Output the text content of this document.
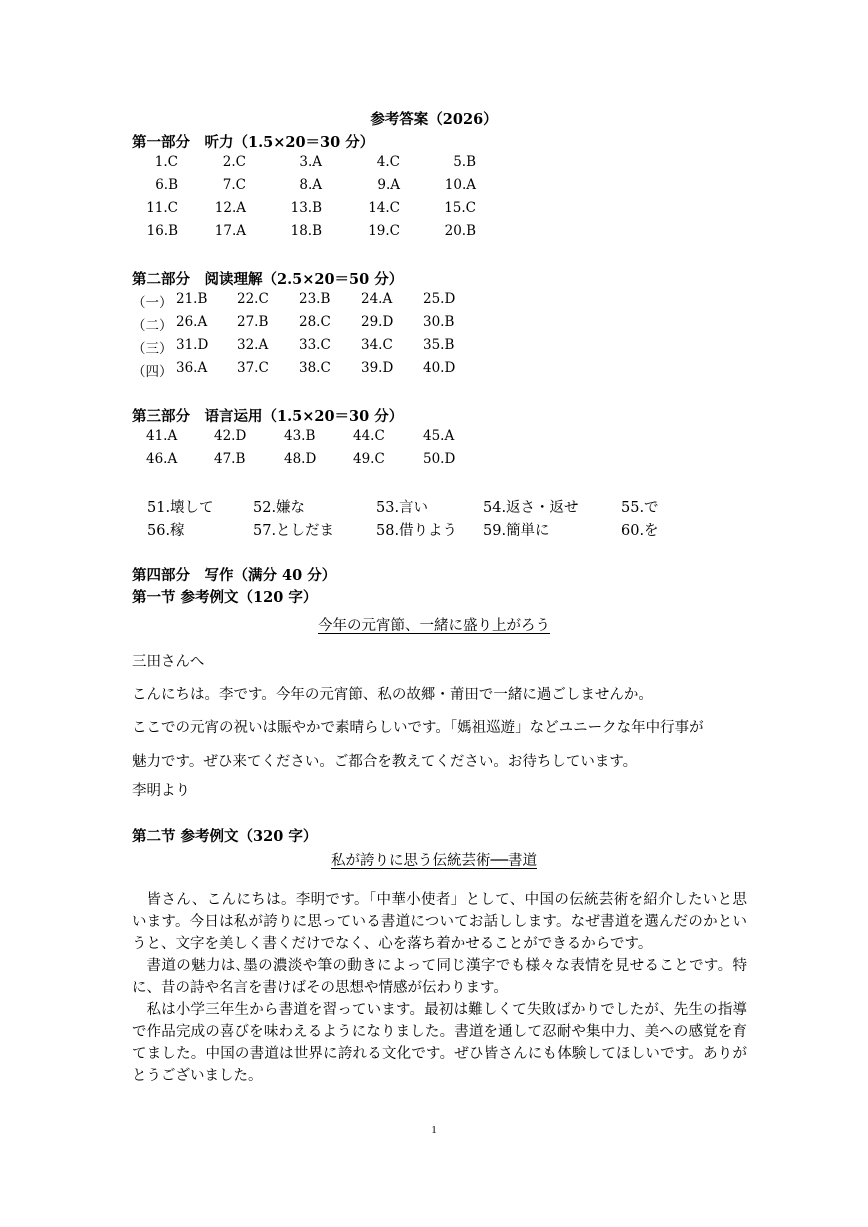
参考答案（2026）
第一部分　听力（1.5×20＝30 分）
1.C	2.C	3.A	4.C	5.B
6.B	7.C	8.A	9.A	10.A
11.C	12.A	13.B	14.C	15.C
16.B	17.A	18.B	19.C	20.B
第二部分　阅读理解（2.5×20＝50 分）
（一） 21.B 22.C 23.B 24.A 25.D
（二） 26.A 27.B 28.C 29.D 30.B
（三） 31.D 32.A 33.C 34.C 35.B
（四） 36.A 37.C 38.C 39.D 40.D
第三部分　语言运用（1.5×20＝30 分）
41.A	42.D	43.B	44.C	45.A
46.A	47.B	48.D	49.C	50.D
51.壊して	52.嫌な	53.言い	54.返さ・返せ	55.で
56.稼	57.としだま	58.借りよう 59.簡単に	60.を
第四部分　写作（满分 40 分）
第一节 参考例文（120 字）
今年の元宵節、一緒に盛り上がろう
三田さんへ
こんにちは。李です。今年の元宵節、私の故郷・莆田で一緒に過ごしませんか。
ここでの元宵の祝いは賑やかで素晴らしいです。「媽祖巡遊」などユニークな年中行事が
魅力です。ぜひ来てください。ご都合を教えてください。お待ちしています。
李明より
第二节 参考例文（320 字）
私が誇りに思う伝統芸術──書道

皆さん、こんにちは。李明です。「中華小使者」として、中国の伝統芸術を紹介したいと思います。今日は私が誇りに思っている書道についてお話しします。なぜ書道を選んだのかというと、文字を美しく書くだけでなく、心を落ち着かせることができるからです。

書道の魅力は､墨の濃淡や筆の動きによって同じ漢字でも様々な表情を見せることです。特に、昔の詩や名言を書けばその思想や情感が伝わります。

私は小学三年生から書道を習っています。最初は難しくて失敗ばかりでしたが、先生の指導で作品完成の喜びを味わえるようになりました。書道を通して忍耐や集中力、美への感覚を育てました。中国の書道は世界に誇れる文化です。ぜひ皆さんにも体験してほしいです。ありがとうございました。

1
